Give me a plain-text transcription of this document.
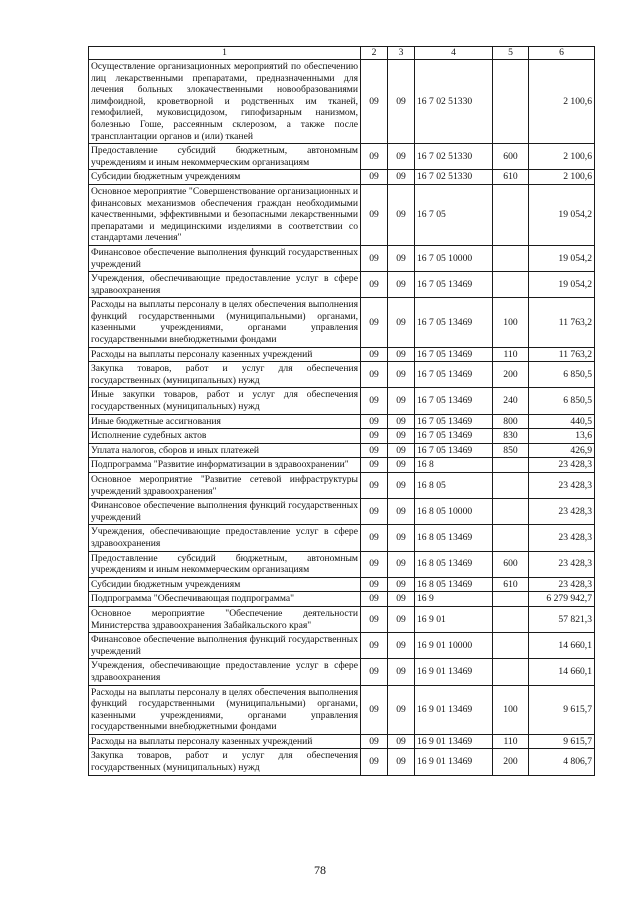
1	2	3	4	5	6
Осуществление организационных мероприятий по обеспечению лиц лекарственными препаратами, предназначенными для лечения больных злокачественными новообразованиями лимфоидной, кроветворной и родственных им тканей, гемофилией, муковисцидозом, гипофизарным нанизмом, болезнью Гоше, рассеянным склерозом, а также после трансплантации органов и (или) тканей	09	09	16 7 02 51330		2 100,6
Предоставление субсидий бюджетным, автономным учреждениям и иным некоммерческим организациям	09	09	16 7 02 51330	600	2 100,6
Субсидии бюджетным учреждениям	09	09	16 7 02 51330	610	2 100,6
Основное мероприятие "Совершенствование организационных и финансовых механизмов обеспечения граждан необходимыми качественными, эффективными и безопасными лекарственными препаратами и медицинскими изделиями в соответствии со стандартами лечения"	09	09	16 7 05		19 054,2
Финансовое обеспечение выполнения функций государственных учреждений	09	09	16 7 05 10000		19 054,2
Учреждения, обеспечивающие предоставление услуг в сфере здравоохранения	09	09	16 7 05 13469		19 054,2
Расходы на выплаты персоналу в целях обеспечения выполнения функций государственными (муниципальными) органами, казенными учреждениями, органами управления государственными внебюджетными фондами	09	09	16 7 05 13469	100	11 763,2
Расходы на выплаты персоналу казенных учреждений	09	09	16 7 05 13469	110	11 763,2
Закупка товаров, работ и услуг для обеспечения государственных (муниципальных) нужд	09	09	16 7 05 13469	200	6 850,5
Иные закупки товаров, работ и услуг для обеспечения государственных (муниципальных) нужд	09	09	16 7 05 13469	240	6 850,5
Иные бюджетные ассигнования	09	09	16 7 05 13469	800	440,5
Исполнение судебных актов	09	09	16 7 05 13469	830	13,6
Уплата налогов, сборов и иных платежей	09	09	16 7 05 13469	850	426,9
Подпрограмма "Развитие информатизации в здравоохранении"	09	09	16 8		23 428,3
Основное мероприятие "Развитие сетевой инфраструктуры учреждений здравоохранения"	09	09	16 8 05		23 428,3
Финансовое обеспечение выполнения функций государственных учреждений	09	09	16 8 05 10000		23 428,3
Учреждения, обеспечивающие предоставление услуг в сфере здравоохранения	09	09	16 8 05 13469		23 428,3
Предоставление субсидий бюджетным, автономным учреждениям и иным некоммерческим организациям	09	09	16 8 05 13469	600	23 428,3
Субсидии бюджетным учреждениям	09	09	16 8 05 13469	610	23 428,3
Подпрограмма "Обеспечивающая подпрограмма"	09	09	16 9		6 279 942,7
Основное мероприятие "Обеспечение деятельности Министерства здравоохранения Забайкальского края"	09	09	16 9 01		57 821,3
Финансовое обеспечение выполнения функций государственных учреждений	09	09	16 9 01 10000		14 660,1
Учреждения, обеспечивающие предоставление услуг в сфере здравоохранения	09	09	16 9 01 13469		14 660,1
Расходы на выплаты персоналу в целях обеспечения выполнения функций государственными (муниципальными) органами, казенными учреждениями, органами управления государственными внебюджетными фондами	09	09	16 9 01 13469	100	9 615,7
Расходы на выплаты персоналу казенных учреждений	09	09	16 9 01 13469	110	9 615,7
Закупка товаров, работ и услуг для обеспечения государственных (муниципальных) нужд	09	09	16 9 01 13469	200	4 806,7
78
